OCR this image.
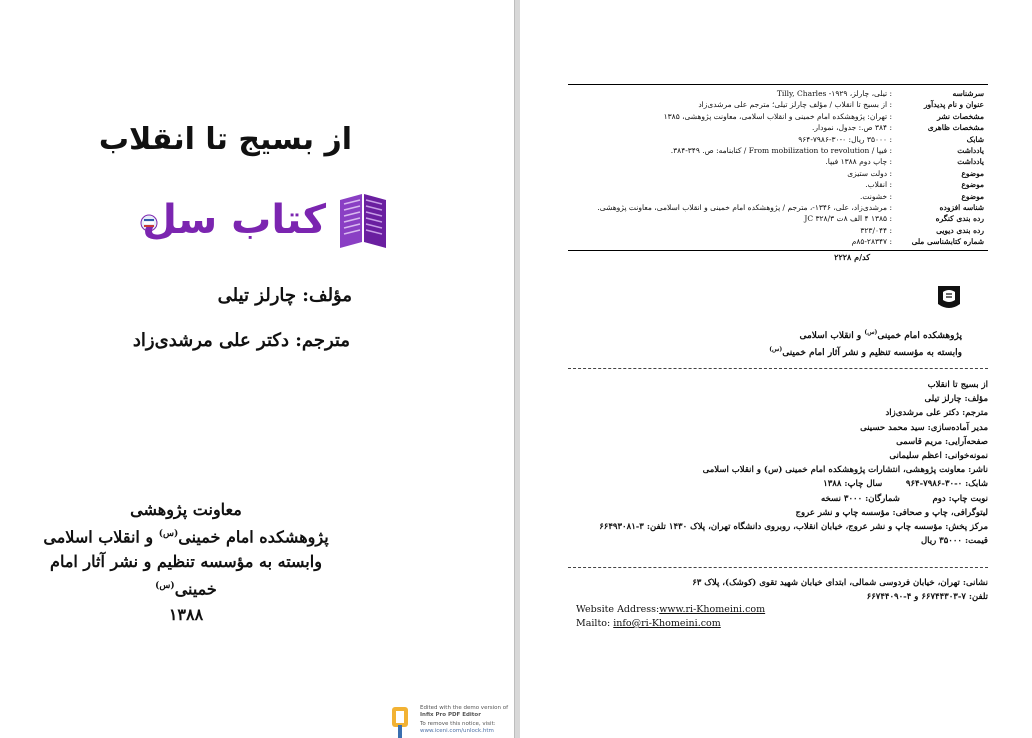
از بسیج تا انقلاب
کتاب سل
مؤلف: چارلز تیلی
مترجم: دکتر علی مرشدی‌زاد
معاونت پژوهشی
پژوهشکده امام خمینی$^{(س)}$ و انقلاب اسلامی
وابسته به مؤسسه تنظیم و نشر آثار امام خمینی$^{(س)}$
۱۳۸۸
Edited with the demo version of
Infix Pro PDF Editor
To remove this notice, visit:
www.iceni.com/unlock.htm
سرشناسه
: تیلی، چارلز، ۱۹۲۹- Tilly, Charles
عنوان و نام پدیدآور
: از بسیج تا انقلاب / مؤلف چارلز تیلی؛ مترجم علی مرشدی‌زاد
مشخصات نشر
: تهران: پژوهشکده امام خمینی و انقلاب اسلامی، معاونت پژوهشی، ۱۳۸۵
مشخصات ظاهری
: ۳۸۴ ص.: جدول، نمودار.
شابک
: ۳۵۰۰۰ ریال: ۰-۳۰-۷۹۸۶-۹۶۴
یادداشت
: فیپا / From mobilization to revolution / کتابنامه: ص. ۳۴۹-۳۸۴.
یادداشت
: چاپ دوم ۱۳۸۸ فیپا.
موضوع
: دولت ستیزی
موضوع
: انقلاب.
موضوع
: خشونت.
شناسه افزوده
: مرشدی‌زاد، علی، ۱۳۴۶-، مترجم / پژوهشکده امام خمینی و انقلاب اسلامی، معاونت پژوهشی.
رده بندی کنگره
: ۱۳۸۵ ۴ الف ۸ت ۳۲۸/۳ JC
رده بندی دیویی
: ۳۲۳/۰۴۴
شماره کتابشناسی ملی
: ۸۵-۲۸۳۴۷م
کد/م ۲۲۲۸
پژوهشکده امام خمینی$^{(س)}$ و انقلاب اسلامی
وابسته به مؤسسه تنظیم و نشر آثار امام خمینی$^{(س)}$
از بسیج تا انقلاب
مؤلف: چارلز تیلی
مترجم: دکتر علی مرشدی‌زاد
مدیر آماده‌سازی: سید محمد حسینی
صفحه‌آرایی: مریم قاسمی
نمونه‌خوانی: اعظم سلیمانی
ناشر: معاونت پژوهشی، انتشارات پژوهشکده امام خمینی (س) و انقلاب اسلامی
شابک: ۰-۳۰-۷۹۸۶-۹۶۴        سال چاپ: ۱۳۸۸
نوبت چاپ: دوم           شمارگان: ۳۰۰۰ نسخه
لیتوگرافی، چاپ و صحافی: مؤسسه چاپ و نشر عروج
مرکز پخش: مؤسسه چاپ و نشر عروج، خیابان انقلاب، روبروی دانشگاه تهران، پلاک ۱۴۳۰ تلفن: ۳-۶۶۴۹۳۰۸۱
قیمت: ۳۵۰۰۰ ریال
نشانی: تهران، خیابان فردوسی شمالی، ابتدای خیابان شهید تقوی (کوشک)، پلاک ۶۳
تلفن: ۷-۶۶۷۴۴۳۰۳ و ۴-۶۶۷۴۴۰۹۰
Website Address:www.ri-Khomeini.com
Mailto: info@ri-Khomeini.com
